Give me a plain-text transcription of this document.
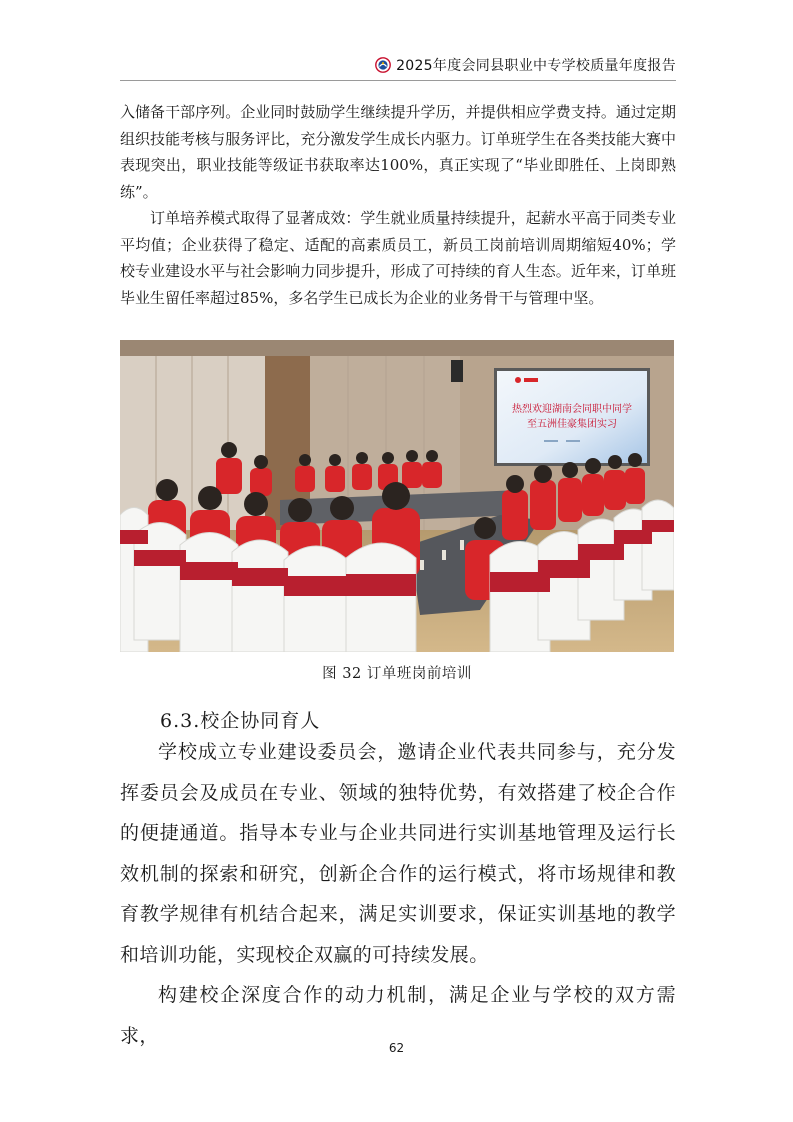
2025年度会同县职业中专学校质量年度报告

入储备干部序列。企业同时鼓励学生继续提升学历，并提供相应学费支持。通过定期组织技能考核与服务评比，充分激发学生成长内驱力。订单班学生在各类技能大赛中表现突出，职业技能等级证书获取率达100%，真正实现了“毕业即胜任、上岗即熟练”。

订单培养模式取得了显著成效：学生就业质量持续提升，起薪水平高于同类专业平均值；企业获得了稳定、适配的高素质员工，新员工岗前培训周期缩短40%；学校专业建设水平与社会影响力同步提升，形成了可持续的育人生态。近年来，订单班毕业生留任率超过85%，多名学生已成长为企业的业务骨干与管理中坚。

热烈欢迎湖南会同职中同学
至五洲佳豪集团实习
图 32 订单班岗前培训
6.3.校企协同育人

学校成立专业建设委员会，邀请企业代表共同参与，充分发挥委员会及成员在专业、领域的独特优势，有效搭建了校企合作的便捷通道。指导本专业与企业共同进行实训基地管理及运行长效机制的探索和研究，创新企合作的运行模式，将市场规律和教育教学规律有机结合起来，满足实训要求，保证实训基地的教学和培训功能，实现校企双赢的可持续发展。

构建校企深度合作的动力机制，满足企业与学校的双方需求，

62
